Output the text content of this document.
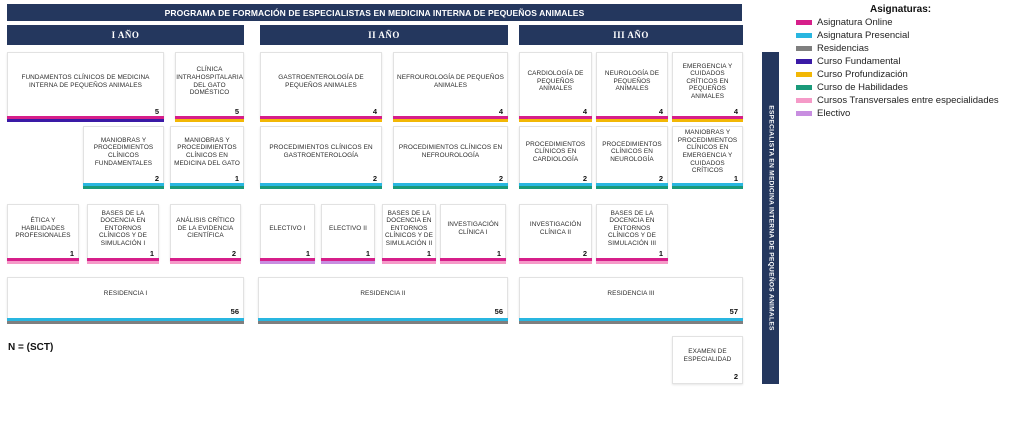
PROGRAMA DE FORMACIÓN DE ESPECIALISTAS EN MEDICINA INTERNA DE PEQUEÑOS ANIMALES
I AÑO	II AÑO	III AÑO
FUNDAMENTOS CLÍNICOS DE MEDICINA INTERNA DE PEQUEÑOS ANIMALES
5
CLÍNICA INTRAHOSPITALARIA DEL GATO DOMÉSTICO
5
MANIOBRAS Y PROCEDIMIENTOS CLÍNICOS FUNDAMENTALES
2
MANIOBRAS Y PROCEDIMIENTOS CLÍNICOS EN MEDICINA DEL GATO
1
ÉTICA Y HABILIDADES PROFESIONALES
1
BASES DE LA DOCENCIA EN ENTORNOS CLÍNICOS Y DE SIMULACIÓN I
1
ANÁLISIS CRÍTICO DE LA EVIDENCIA CIENTÍFICA
2
RESIDENCIA I
56
GASTROENTEROLOGÍA DE PEQUEÑOS ANIMALES
4
NEFROUROLOGÍA DE PEQUEÑOS ANIMALES
4
PROCEDIMIENTOS CLÍNICOS EN GASTROENTEROLOGÍA
2
PROCEDIMIENTOS CLÍNICOS EN NEFROUROLOGÍA
2
ELECTIVO I
1
ELECTIVO II
1
BASES DE LA DOCENCIA EN ENTORNOS CLÍNICOS Y DE SIMULACIÓN II
1
INVESTIGACIÓN CLÍNICA I
1
RESIDENCIA II
56
CARDIOLOGÍA DE PEQUEÑOS ANIMALES
4
NEUROLOGÍA DE PEQUEÑOS ANIMALES
4
EMERGENCIA Y CUIDADOS CRÍTICOS EN PEQUEÑOS ANIMALES
4
PROCEDIMIENTOS CLÍNICOS EN CARDIOLOGÍA
2
PROCEDIMIENTOS CLÍNICOS EN NEUROLOGÍA
2
MANIOBRAS Y PROCEDIMIENTOS CLÍNICOS EN EMERGENCIA Y CUIDADOS CRÍTICOS
1
INVESTIGACIÓN CLÍNICA II
2
BASES DE LA DOCENCIA EN ENTORNOS CLÍNICOS Y DE SIMULACIÓN III
1
RESIDENCIA III
57
EXAMEN DE ESPECIALIDAD
2
ESPECIALISTA EN MEDICINA INTERNA DE PEQUEÑOS ANIMALES
N = (SCT)
Asignaturas:
Asignatura Online
Asignatura Presencial
Residencias
Curso Fundamental
Curso Profundización
Curso de Habilidades
Cursos Transversales entre especialidades
Electivo
